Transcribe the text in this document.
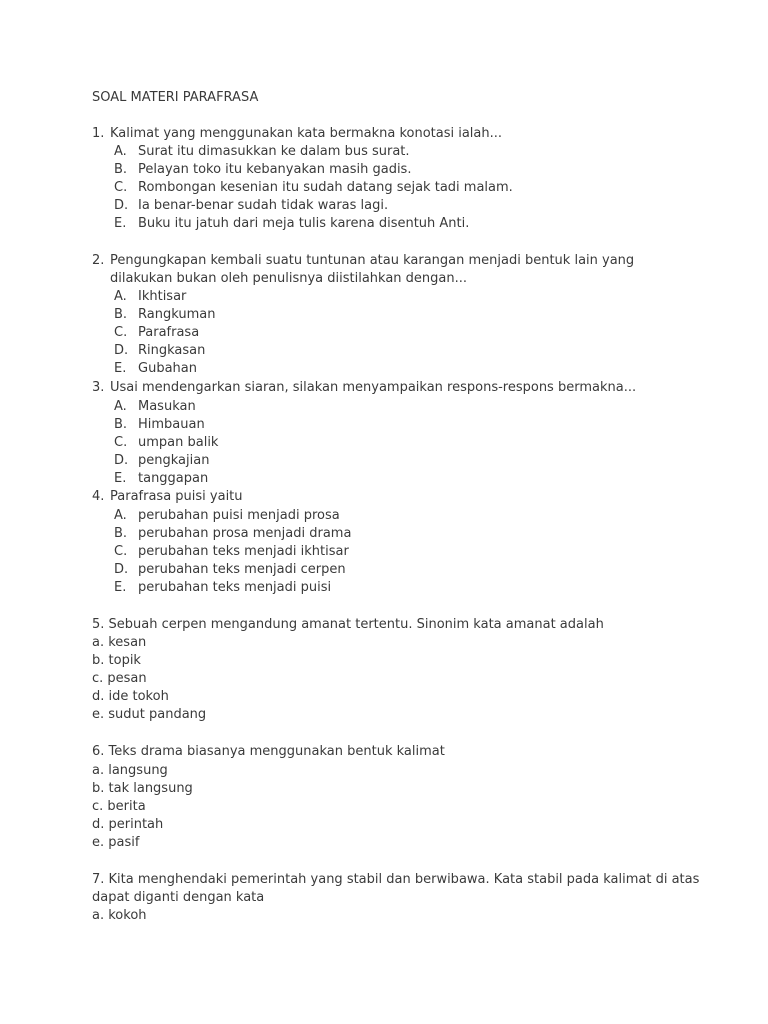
SOAL MATERI PARAFRASA
1. Kalimat yang menggunakan kata bermakna konotasi ialah...
A. Surat itu dimasukkan ke dalam bus surat.
B. Pelayan toko itu kebanyakan masih gadis.
C. Rombongan kesenian itu sudah datang sejak tadi malam.
D. Ia benar-benar sudah tidak waras lagi.
E. Buku itu jatuh dari meja tulis karena disentuh Anti.
2. Pengungkapan kembali suatu tuntunan atau karangan menjadi bentuk lain yang
dilakukan bukan oleh penulisnya diistilahkan dengan...
A. Ikhtisar
B. Rangkuman
C. Parafrasa
D. Ringkasan
E. Gubahan
3. Usai mendengarkan siaran, silakan menyampaikan respons-respons bermakna...
A. Masukan
B. Himbauan
C. umpan balik
D. pengkajian
E. tanggapan
4. Parafrasa puisi yaitu
A. perubahan puisi menjadi prosa
B. perubahan prosa menjadi drama
C. perubahan teks menjadi ikhtisar
D. perubahan teks menjadi cerpen
E. perubahan teks menjadi puisi
5. Sebuah cerpen mengandung amanat tertentu. Sinonim kata amanat adalah
a. kesan
b. topik
c. pesan
d. ide tokoh
e. sudut pandang
6. Teks drama biasanya menggunakan bentuk kalimat
a. langsung
b. tak langsung
c. berita
d. perintah
e. pasif
7. Kita menghendaki pemerintah yang stabil dan berwibawa. Kata stabil pada kalimat di atas
dapat diganti dengan kata
a. kokoh
